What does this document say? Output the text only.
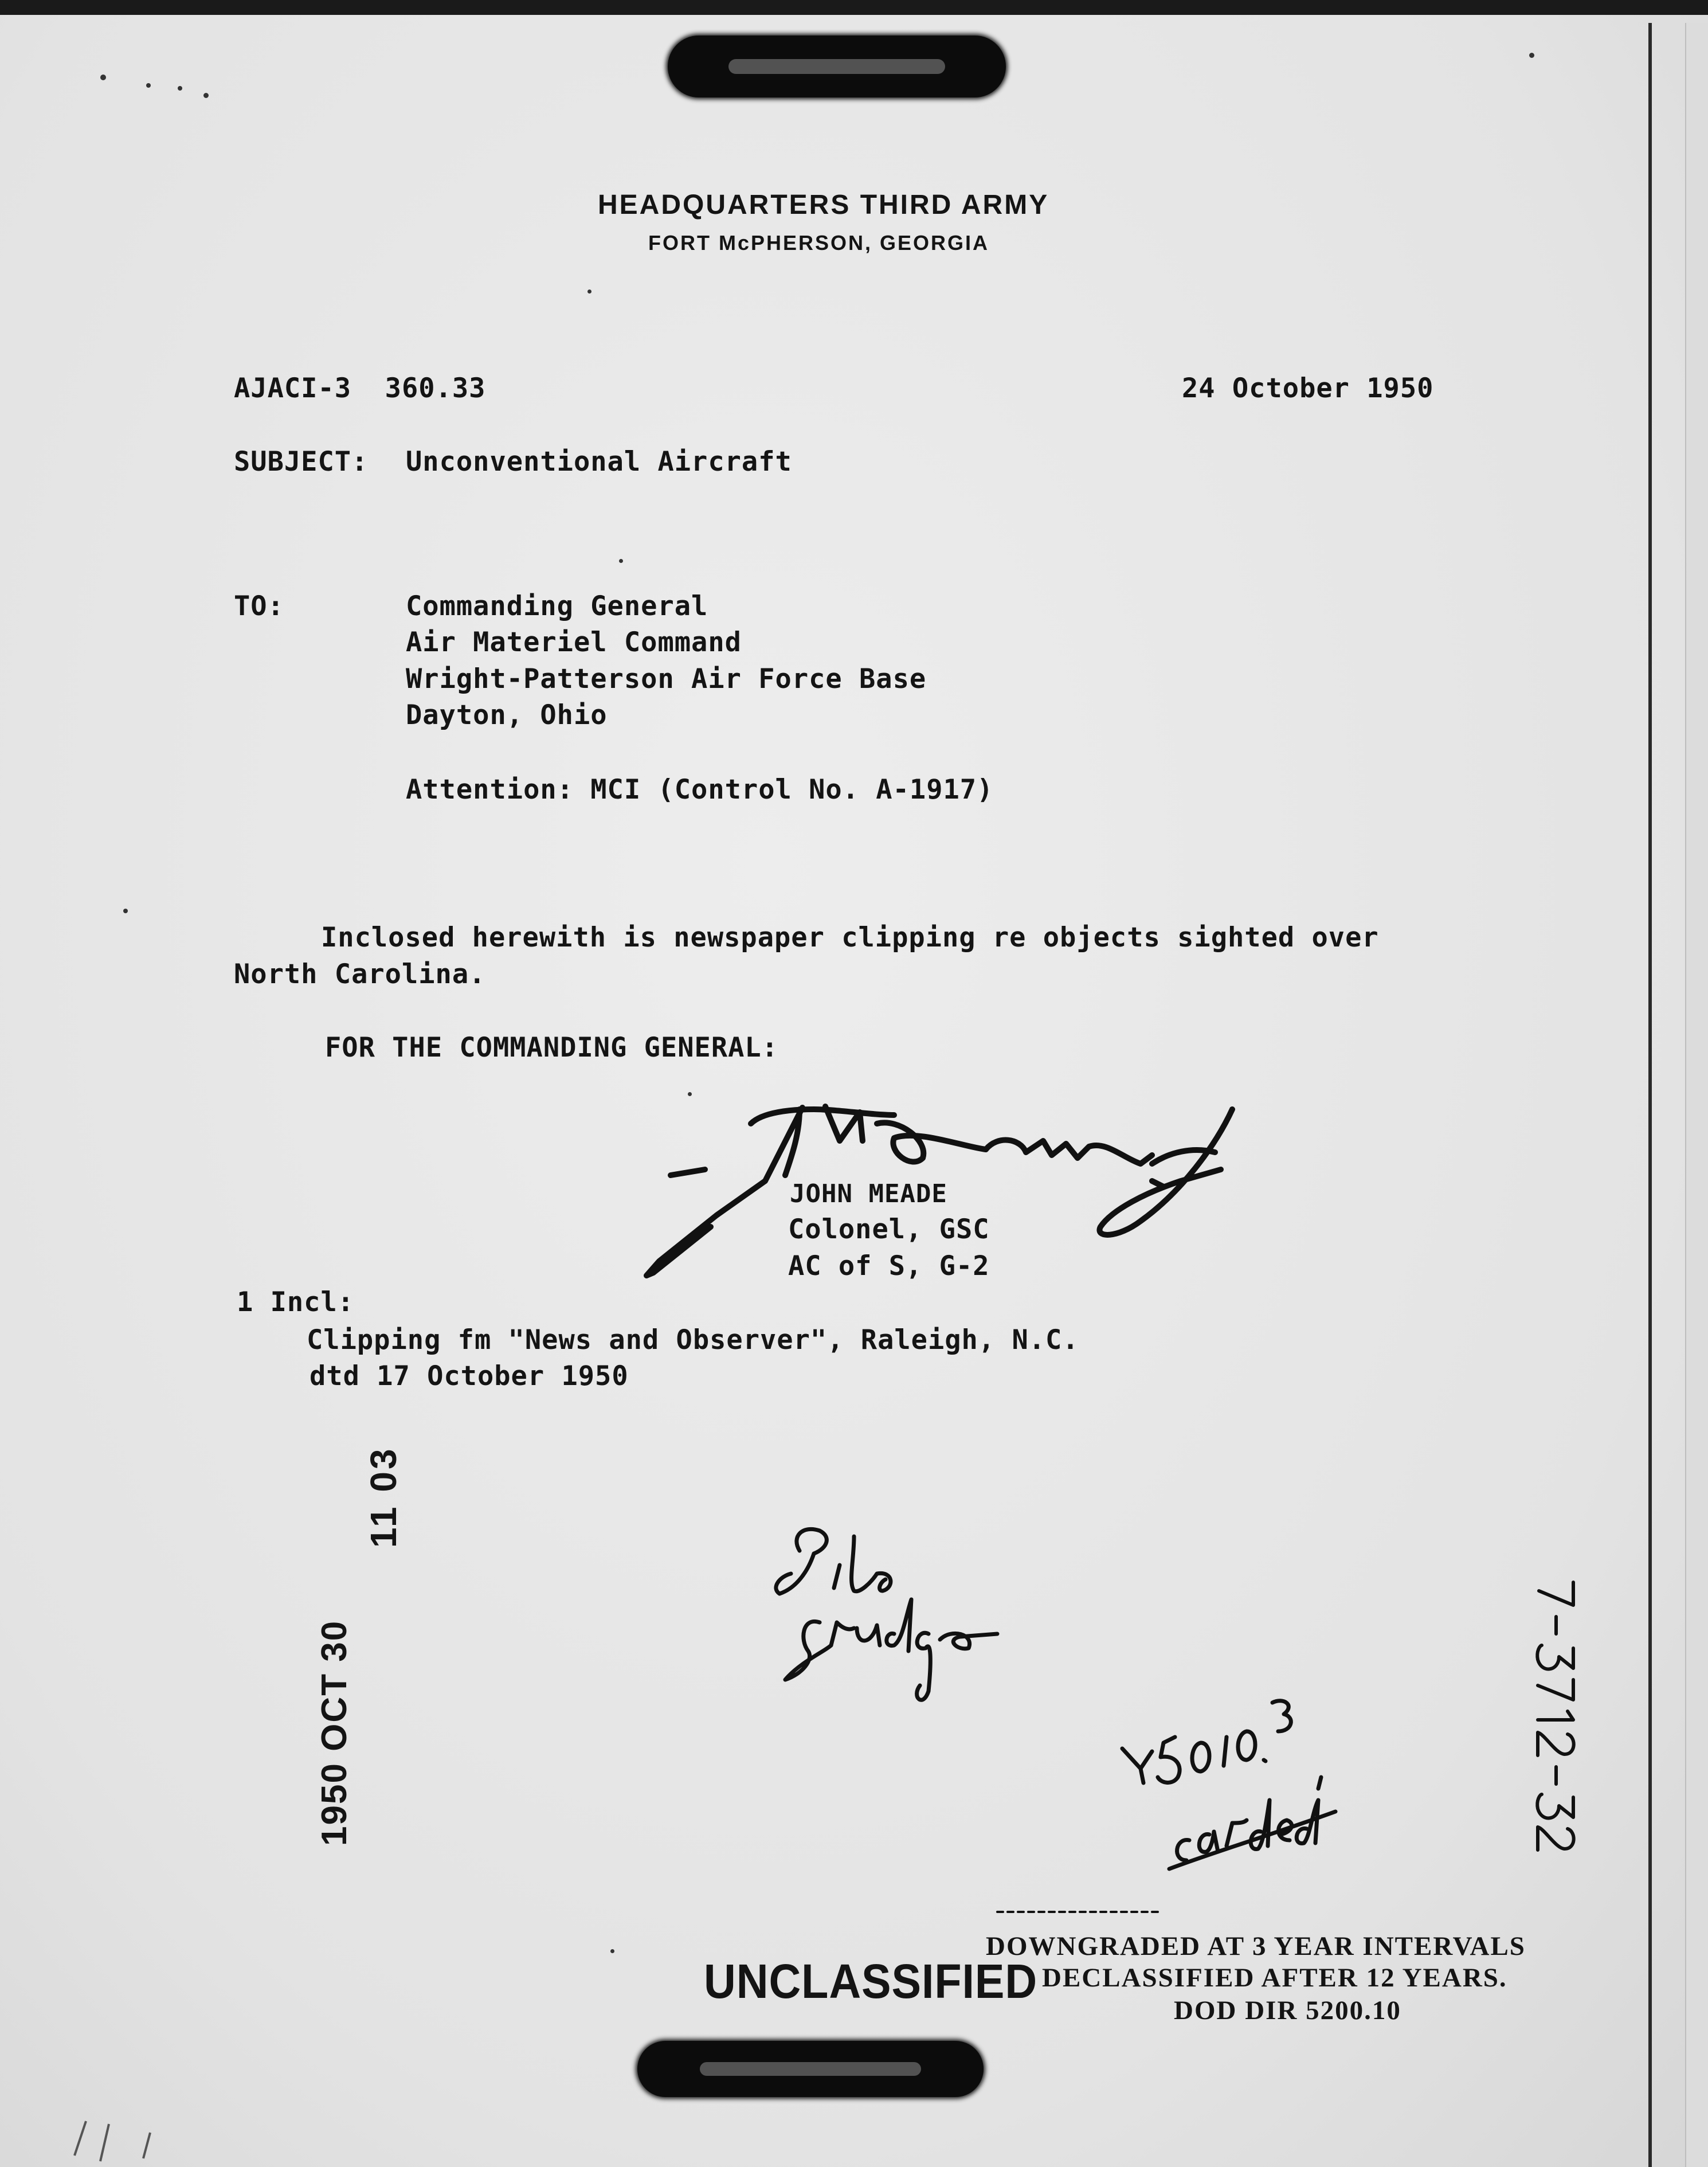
HEADQUARTERS THIRD ARMY
FORT McPHERSON, GEORGIA
AJACI-3  360.33	24 October 1950
SUBJECT: Unconventional Aircraft
TO:	Commanding General
Air Materiel Command
Wright-Patterson Air Force Base
Dayton, Ohio
Attention: MCI (Control No. A-1917)
Inclosed herewith is newspaper clipping re objects sighted over
North Carolina.
FOR THE COMMANDING GENERAL:
JOHN MEADE
Colonel, GSC
AC of S, G-2
1 Incl:
Clipping fm "News and Observer", Raleigh, N.C.
dtd 17 October 1950
1950 OCT 30
11 03
UNCLASSIFIED
DOWNGRADED AT 3 YEAR INTERVALS
DECLASSIFIED AFTER 12 YEARS.
DOD DIR 5200.10
